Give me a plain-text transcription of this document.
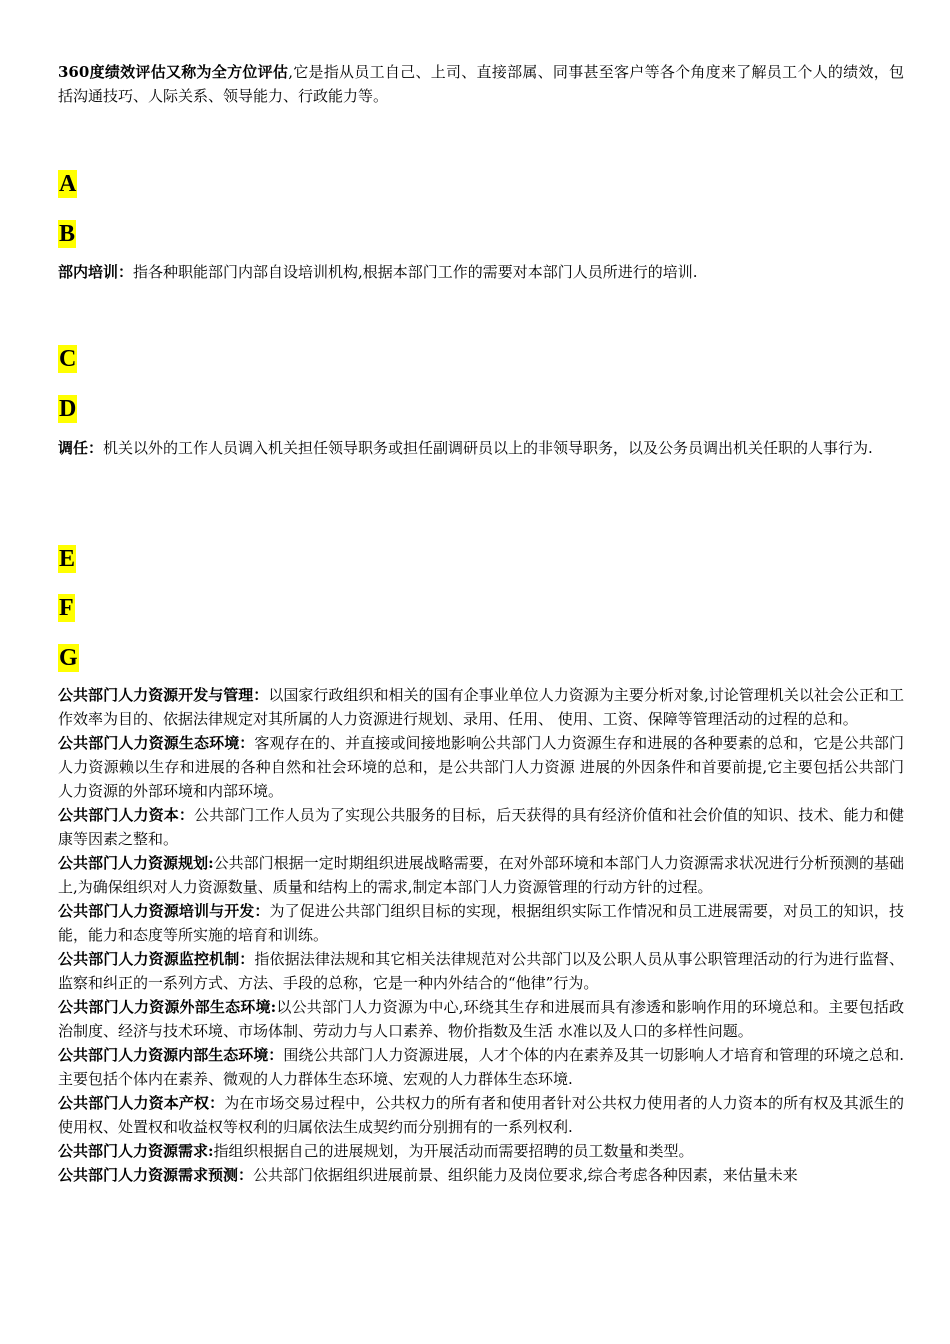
360度绩效评估又称为全方位评估,它是指从员工自己、上司、直接部属、同事甚至客户等各个角度来了解员工个人的绩效，包括沟通技巧、人际关系、领导能力、行政能力等。

A
B

部内培训：指各种职能部门内部自设培训机构,根据本部门工作的需要对本部门人员所进行的培训.

C
D

调任：机关以外的工作人员调入机关担任领导职务或担任副调研员以上的非领导职务，以及公务员调出机关任职的人事行为.

E
F
G

公共部门人力资源开发与管理：以国家行政组织和相关的国有企事业单位人力资源为主要分析对象,讨论管理机关以社会公正和工作效率为目的、依据法律规定对其所属的人力资源进行规划、录用、任用、 使用、工资、保障等管理活动的过程的总和。

公共部门人力资源生态环境：客观存在的、并直接或间接地影响公共部门人力资源生存和进展的各种要素的总和，它是公共部门人力资源赖以生存和进展的各种自然和社会环境的总和，是公共部门人力资源 进展的外因条件和首要前提,它主要包括公共部门人力资源的外部环境和内部环境。

公共部门人力资本：公共部门工作人员为了实现公共服务的目标，后天获得的具有经济价值和社会价值的知识、技术、能力和健康等因素之整和。

公共部门人力资源规划:公共部门根据一定时期组织进展战略需要，在对外部环境和本部门人力资源需求状况进行分析预测的基础上,为确保组织对人力资源数量、质量和结构上的需求,制定本部门人力资源管理的行动方针的过程。

公共部门人力资源培训与开发：为了促进公共部门组织目标的实现，根据组织实际工作情况和员工进展需要，对员工的知识，技能，能力和态度等所实施的培育和训练。

公共部门人力资源监控机制：指依据法律法规和其它相关法律规范对公共部门以及公职人员从事公职管理活动的行为进行监督、监察和纠正的一系列方式、方法、手段的总称，它是一种内外结合的“他律”行为。

公共部门人力资源外部生态环境:以公共部门人力资源为中心,环绕其生存和进展而具有渗透和影响作用的环境总和。主要包括政治制度、经济与技术环境、市场体制、劳动力与人口素养、物价指数及生活 水准以及人口的多样性问题。

公共部门人力资源内部生态环境：围绕公共部门人力资源进展，人才个体的内在素养及其一切影响人才培育和管理的环境之总和.主要包括个体内在素养、微观的人力群体生态环境、宏观的人力群体生态环境.

公共部门人力资本产权：为在市场交易过程中，公共权力的所有者和使用者针对公共权力使用者的人力资本的所有权及其派生的使用权、处置权和收益权等权利的归属依法生成契约而分别拥有的一系列权利.

公共部门人力资源需求:指组织根据自己的进展规划，为开展活动而需要招聘的员工数量和类型。

公共部门人力资源需求预测：公共部门依据组织进展前景、组织能力及岗位要求,综合考虑各种因素，来估量未来
